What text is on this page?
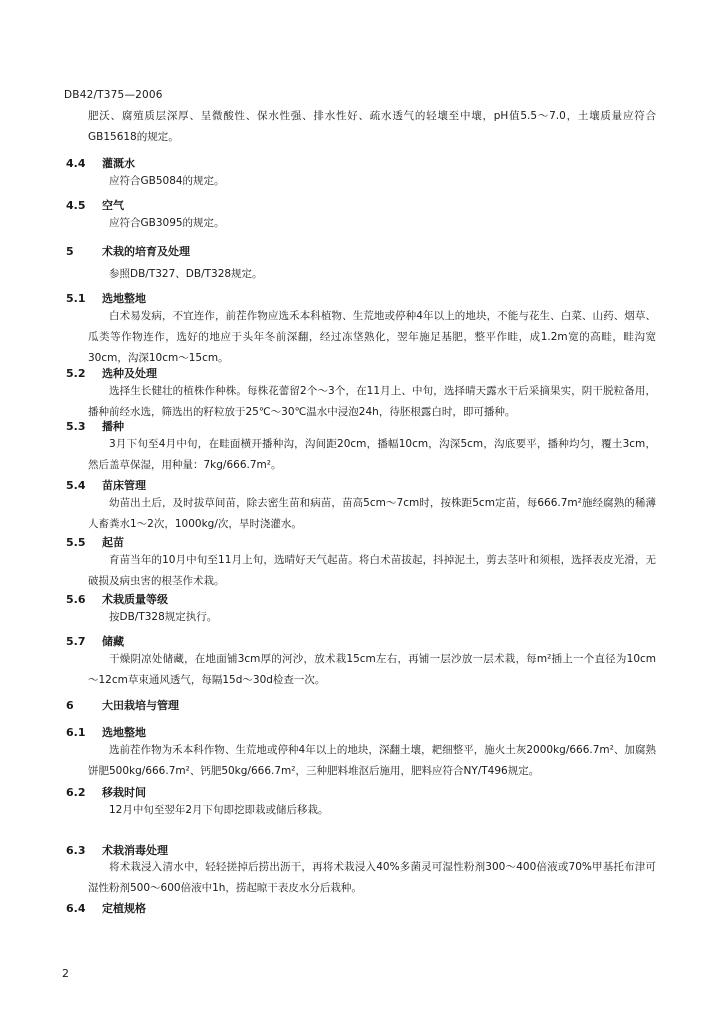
DB42/T375—2006

肥沃、腐殖质层深厚、呈微酸性、保水性强、排水性好、疏水透气的轻壤至中壤，pH值5.5～7.0，土壤质量应符合GB15618的规定。

4.4 灌溉水

应符合GB5084的规定。

4.5 空气

应符合GB3095的规定。

5	术栽的培育及处理

参照DB/T327、DB/T328规定。

5.1 选地整地

白术易发病，不宜连作，前茬作物应选禾本科植物、生荒地或停种4年以上的地块，不能与花生、白菜、山药、烟草、瓜类等作物连作，选好的地应于头年冬前深翻，经过冻垡熟化，翌年施足基肥，整平作畦，成1.2m宽的高畦，畦沟宽30cm，沟深10cm～15cm。

5.2 选种及处理

选择生长健壮的植株作种株。每株花蕾留2个～3个，在11月上、中旬，选择晴天露水干后采摘果实，阴干脱粒备用，播种前经水选，筛选出的籽粒放于25℃～30℃温水中浸泡24h，待胚根露白时，即可播种。

5.3 播种

3月下旬至4月中旬，在畦面横开播种沟，沟间距20cm，播幅10cm，沟深5cm，沟底要平，播种均匀，覆土3cm，然后盖草保湿，用种量：7kg/666.7m²。

5.4 苗床管理

幼苗出土后，及时拔草间苗，除去密生苗和病苗，苗高5cm～7cm时，按株距5cm定苗，每666.7m²施经腐熟的稀薄人畜粪水1～2次，1000kg/次，旱时浇灌水。

5.5 起苗

育苗当年的10月中旬至11月上旬，选晴好天气起苗。将白术苗拔起，抖掉泥土，剪去茎叶和须根，选择表皮光滑，无破损及病虫害的根茎作术栽。

5.6 术栽质量等级

按DB/T328规定执行。

5.7 储藏

干燥阴凉处储藏，在地面铺3cm厚的河沙，放术栽15cm左右，再铺一层沙放一层术栽，每m²插上一个直径为10cm～12cm草束通风透气，每隔15d～30d检查一次。

6	大田栽培与管理
6.1 选地整地

选前茬作物为禾本科作物、生荒地或停种4年以上的地块，深翻土壤，耙细整平，施火土灰2000kg/666.7m²、加腐熟饼肥500kg/666.7m²、钙肥50kg/666.7m²，三种肥料堆沤后施用，肥料应符合NY/T496规定。

6.2 移栽时间

12月中旬至翌年2月下旬即挖即栽或储后移栽。

6.3 术栽消毒处理

将术栽浸入清水中，轻轻搓掉后捞出沥干，再将术栽浸入40%多菌灵可湿性粉剂300～400倍液或70%甲基托布津可湿性粉剂500～600倍液中1h，捞起晾干表皮水分后栽种。

6.4 定植规格
2
